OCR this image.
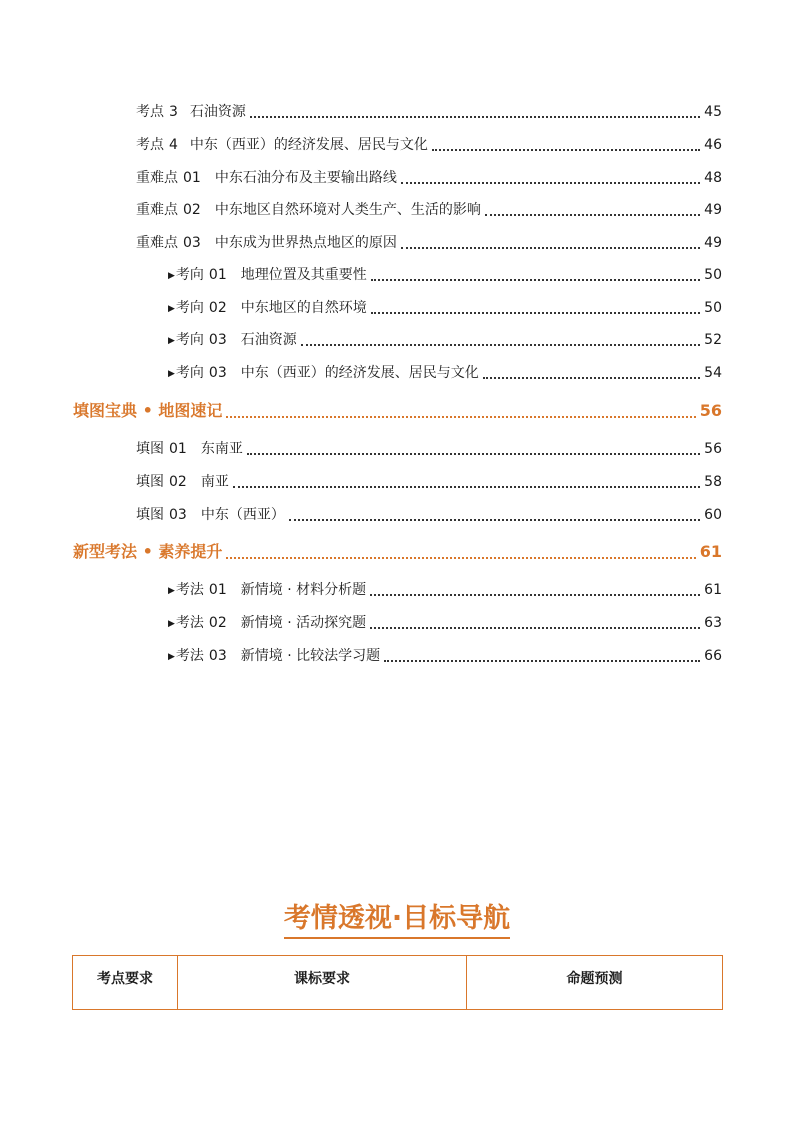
考点 3 石油资源	45
考点 4 中东（西亚）的经济发展、居民与文化	46
重难点 01 中东石油分布及主要输出路线	48
重难点 02 中东地区自然环境对人类生产、生活的影响	49
重难点 03 中东成为世界热点地区的原因	49
▶ 考向 01 地理位置及其重要性	50
▶ 考向 02 中东地区的自然环境	50
▶ 考向 03 石油资源	52
▶ 考向 03 中东（西亚）的经济发展、居民与文化	54
填图宝典 • 地图速记	56
填图 01 东南亚	56
填图 02 南亚	58
填图 03 中东（西亚）	60
新型考法 • 素养提升	61
▶ 考法 01 新情境 · 材料分析题	61
▶ 考法 02 新情境 · 活动探究题	63
▶ 考法 03 新情境 · 比较法学习题	66
考情透视·目标导航
考点要求	课标要求	命题预测
